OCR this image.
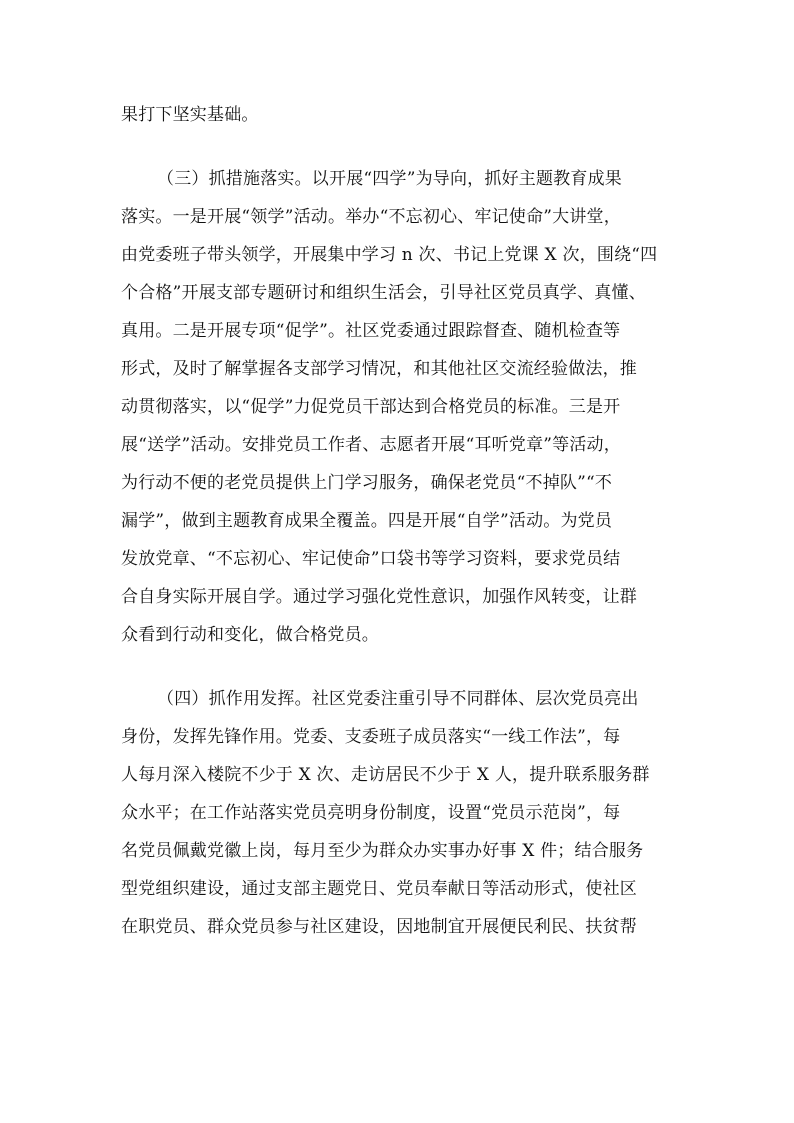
果打下坚实基础。
（三）抓措施落实。以开展“四学”为导向，抓好主题教育成果
落实。一是开展“领学”活动。举办“不忘初心、牢记使命”大讲堂，
由党委班子带头领学，开展集中学习 n 次、书记上党课 X 次，围绕“四
个合格”开展支部专题研讨和组织生活会，引导社区党员真学、真懂、
真用。二是开展专项“促学”。社区党委通过跟踪督查、随机检查等
形式，及时了解掌握各支部学习情况，和其他社区交流经验做法，推
动贯彻落实，以“促学”力促党员干部达到合格党员的标准。三是开
展“送学”活动。安排党员工作者、志愿者开展“耳听党章”等活动，
为行动不便的老党员提供上门学习服务，确保老党员“不掉队”“不
漏学”，做到主题教育成果全覆盖。四是开展“自学”活动。为党员
发放党章、“不忘初心、牢记使命”口袋书等学习资料，要求党员结
合自身实际开展自学。通过学习强化党性意识，加强作风转变，让群
众看到行动和变化，做合格党员。
（四）抓作用发挥。社区党委注重引导不同群体、层次党员亮出
身份，发挥先锋作用。党委、支委班子成员落实“一线工作法”，每
人每月深入楼院不少于 X 次、走访居民不少于 X 人，提升联系服务群
众水平；在工作站落实党员亮明身份制度，设置“党员示范岗”，每
名党员佩戴党徽上岗，每月至少为群众办实事办好事 X 件；结合服务
型党组织建设，通过支部主题党日、党员奉献日等活动形式，使社区
在职党员、群众党员参与社区建设，因地制宜开展便民利民、扶贫帮
